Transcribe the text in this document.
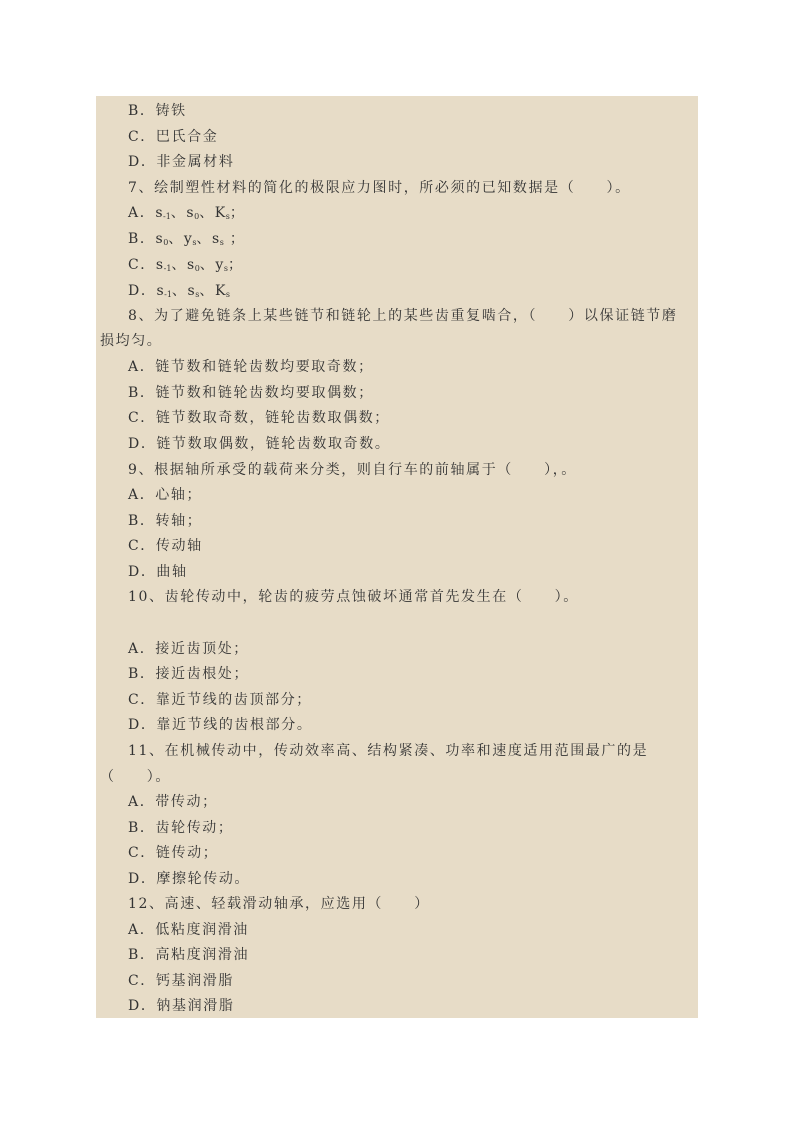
B．铸铁
C．巴氏合金
D．非金属材料
7、绘制塑性材料的简化的极限应力图时，所必须的已知数据是（　　）。
A．$s_{-1}$、$s_0$、$K_s$；
B．$s_0$、$y_s$、$s_s$ ；
C．$s_{-1}$、$s_0$、$y_s$；
D．$s_{-1}$、$s_s$、$K_s$
8、为了避免链条上某些链节和链轮上的某些齿重复啮合，（　　）以保证链节磨
损均匀。
A．链节数和链轮齿数均要取奇数；
B．链节数和链轮齿数均要取偶数；
C．链节数取奇数，链轮齿数取偶数；
D．链节数取偶数，链轮齿数取奇数。
9、根据轴所承受的载荷来分类，则自行车的前轴属于（　　），。
A．心轴；
B．转轴；
C．传动轴
D．曲轴
10、齿轮传动中，轮齿的疲劳点蚀破坏通常首先发生在（　　）。
A．接近齿顶处；
B．接近齿根处；
C．靠近节线的齿顶部分；
D．靠近节线的齿根部分。
11、在机械传动中，传动效率高、结构紧凑、功率和速度适用范围最广的是
（　　）。
A．带传动；
B．齿轮传动；
C．链传动；
D．摩擦轮传动。
12、高速、轻载滑动轴承，应选用（　　）
A．低粘度润滑油
B．高粘度润滑油
C．钙基润滑脂
D．钠基润滑脂
